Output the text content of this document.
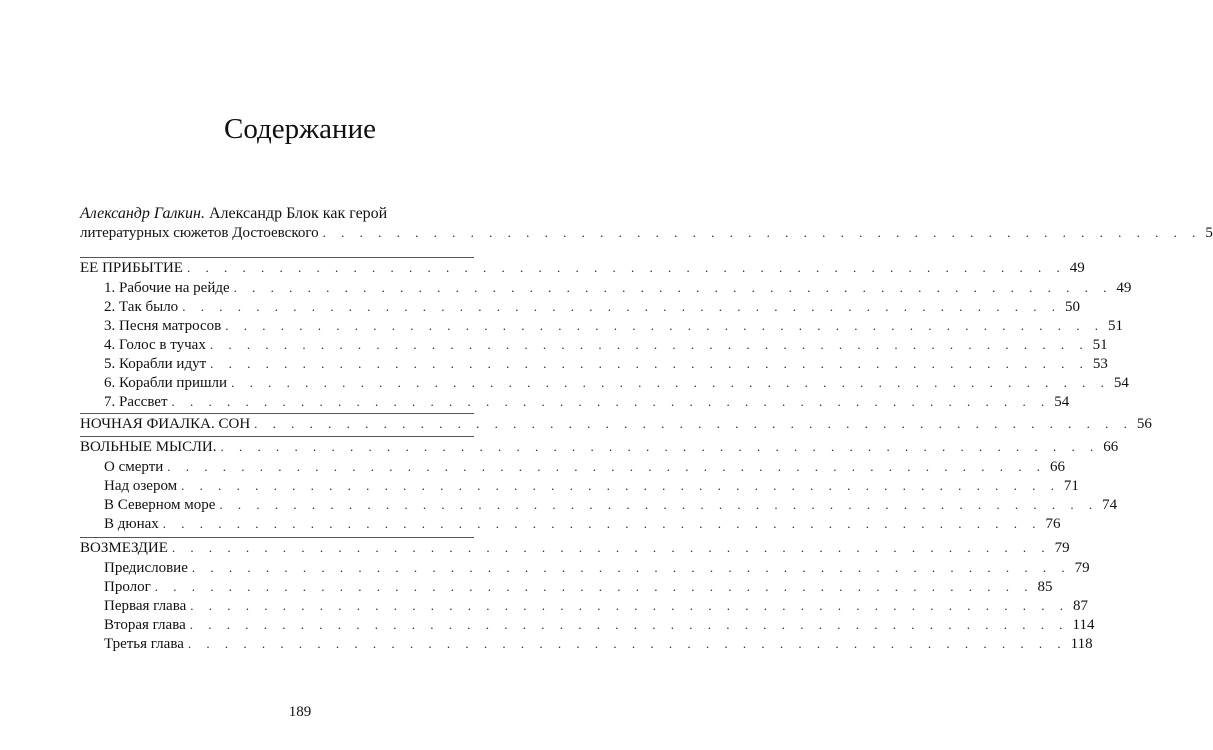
Содержание
Александр Галкин. Александр Блок как герой
литературных сюжетов Достоевского . . . . . . . . . . . . . . . . . . . . . . . . . . . . . . . . . . . . . . . . . . . . . . . . 5
ЕЕ ПРИБЫТИЕ . . . . . . . . . . . . . . . . . . . . . . . . . . . . . . . . . . . . . . . . . . . . . . . . 49
1. Рабочие на рейде . . . . . . . . . . . . . . . . . . . . . . . . . . . . . . . . . . . . . . . . . . . . . . . . 49
2. Так было . . . . . . . . . . . . . . . . . . . . . . . . . . . . . . . . . . . . . . . . . . . . . . . . 50
3. Песня матросов . . . . . . . . . . . . . . . . . . . . . . . . . . . . . . . . . . . . . . . . . . . . . . . . 51
4. Голос в тучах . . . . . . . . . . . . . . . . . . . . . . . . . . . . . . . . . . . . . . . . . . . . . . . . 51
5. Корабли идут . . . . . . . . . . . . . . . . . . . . . . . . . . . . . . . . . . . . . . . . . . . . . . . . 53
6. Корабли пришли . . . . . . . . . . . . . . . . . . . . . . . . . . . . . . . . . . . . . . . . . . . . . . . . 54
7. Рассвет . . . . . . . . . . . . . . . . . . . . . . . . . . . . . . . . . . . . . . . . . . . . . . . . 54
НОЧНАЯ ФИАЛКА. СОН . . . . . . . . . . . . . . . . . . . . . . . . . . . . . . . . . . . . . . . . . . . . . . . . 56
ВОЛЬНЫЕ МЫСЛИ. . . . . . . . . . . . . . . . . . . . . . . . . . . . . . . . . . . . . . . . . . . . . . . . . 66
О смерти . . . . . . . . . . . . . . . . . . . . . . . . . . . . . . . . . . . . . . . . . . . . . . . . 66
Над озером . . . . . . . . . . . . . . . . . . . . . . . . . . . . . . . . . . . . . . . . . . . . . . . . 71
В Северном море . . . . . . . . . . . . . . . . . . . . . . . . . . . . . . . . . . . . . . . . . . . . . . . . 74
В дюнах . . . . . . . . . . . . . . . . . . . . . . . . . . . . . . . . . . . . . . . . . . . . . . . . 76
ВОЗМЕЗДИЕ . . . . . . . . . . . . . . . . . . . . . . . . . . . . . . . . . . . . . . . . . . . . . . . . 79
Предисловие . . . . . . . . . . . . . . . . . . . . . . . . . . . . . . . . . . . . . . . . . . . . . . . . 79
Пролог . . . . . . . . . . . . . . . . . . . . . . . . . . . . . . . . . . . . . . . . . . . . . . . . 85
Первая глава . . . . . . . . . . . . . . . . . . . . . . . . . . . . . . . . . . . . . . . . . . . . . . . . 87
Вторая глава . . . . . . . . . . . . . . . . . . . . . . . . . . . . . . . . . . . . . . . . . . . . . . . . 114
Третья глава . . . . . . . . . . . . . . . . . . . . . . . . . . . . . . . . . . . . . . . . . . . . . . . . 118
189
